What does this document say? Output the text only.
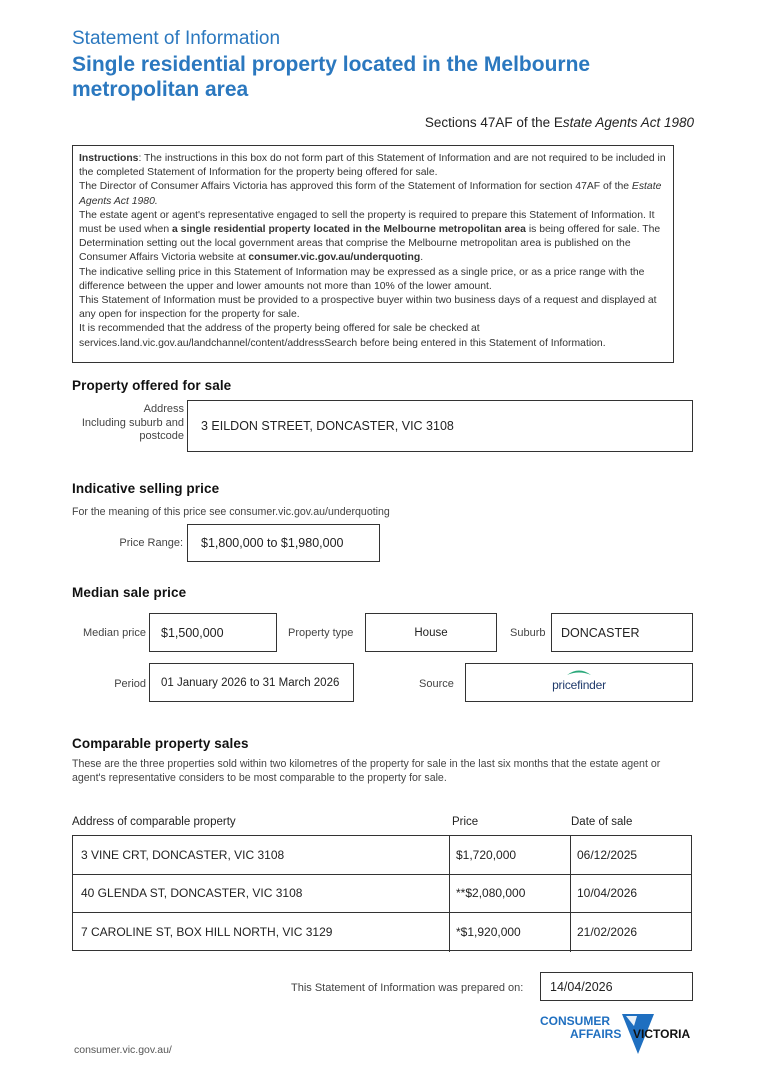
Statement of Information
Single residential property located in the Melbourne metropolitan area
Sections 47AF of the Estate Agents Act 1980

Instructions: The instructions in this box do not form part of this Statement of Information and are not required to be included in the completed Statement of Information for the property being offered for sale.

The Director of Consumer Affairs Victoria has approved this form of the Statement of Information for section 47AF of the Estate Agents Act 1980.

The estate agent or agent's representative engaged to sell the property is required to prepare this Statement of Information. It must be used when a single residential property located in the Melbourne metropolitan area is being offered for sale. The Determination setting out the local government areas that comprise the Melbourne metropolitan area is published on the Consumer Affairs Victoria website at consumer.vic.gov.au/underquoting.

The indicative selling price in this Statement of Information may be expressed as a single price, or as a price range with the difference between the upper and lower amounts not more than 10% of the lower amount.

This Statement of Information must be provided to a prospective buyer within two business days of a request and displayed at any open for inspection for the property for sale.

It is recommended that the address of the property being offered for sale be checked at services.land.vic.gov.au/landchannel/content/addressSearch before being entered in this Statement of Information.

Property offered for sale
Address
Including suburb and
postcode
3 EILDON STREET, DONCASTER, VIC 3108
Indicative selling price
For the meaning of this price see consumer.vic.gov.au/underquoting
Price Range: $1,800,000 to $1,980,000
Median sale price
Median price $1,500,000	Property type	House	Suburb DONCASTER
Period 01 January 2026 to 31 March 2026	Source	pricefinder
Comparable property sales
These are the three properties sold within two kilometres of the property for sale in the last six months that the estate agent or agent's representative considers to be most comparable to the property for sale.
Address of comparable property	Price	Date of sale
3 VINE CRT, DONCASTER, VIC 3108	$1,720,000	06/12/2025
40 GLENDA ST, DONCASTER, VIC 3108	**$2,080,000	10/04/2026
7 CAROLINE ST, BOX HILL NORTH, VIC 3129	*$1,920,000	21/02/2026
This Statement of Information was prepared on: 14/04/2026
CONSUMER
AFFAIRS VICTORIA
consumer.vic.gov.au/
